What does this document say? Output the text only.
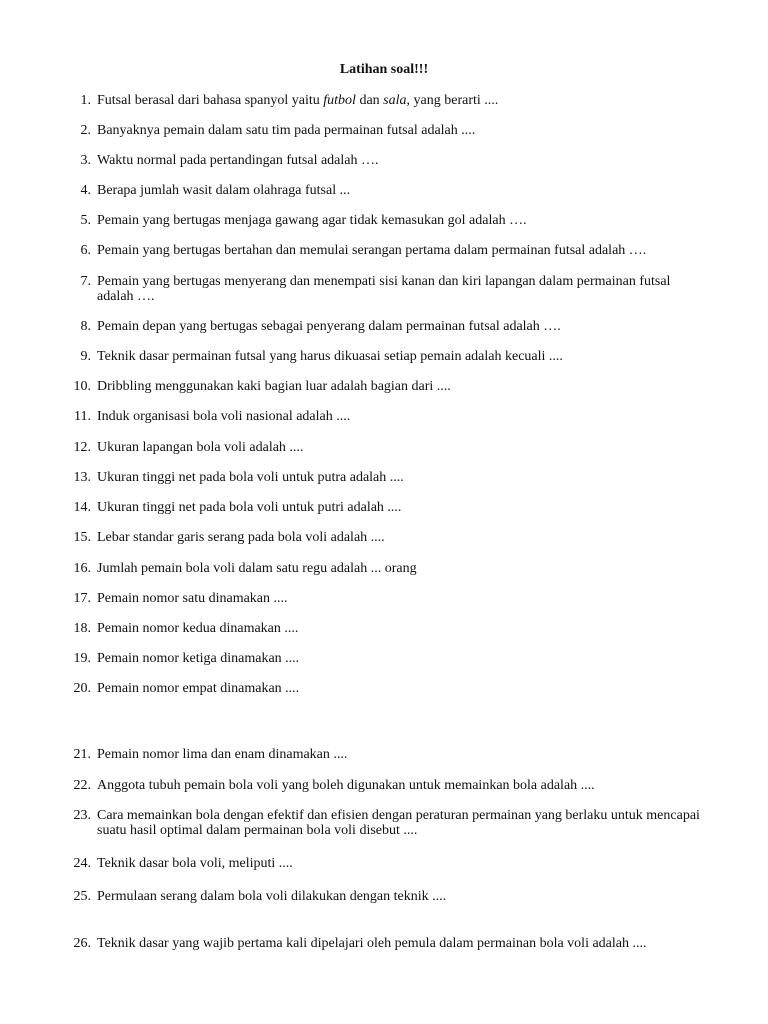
Latihan soal!!!
1. Futsal berasal dari bahasa spanyol yaitu futbol dan sala, yang berarti ....
2. Banyaknya pemain dalam satu tim pada permainan futsal adalah ....
3. Waktu normal pada pertandingan futsal adalah ….
4. Berapa jumlah wasit dalam olahraga futsal ...
5. Pemain yang bertugas menjaga gawang agar tidak kemasukan gol adalah ….
6. Pemain yang bertugas bertahan dan memulai serangan pertama dalam permainan futsal adalah ….
7. Pemain yang bertugas menyerang dan menempati sisi kanan dan kiri lapangan dalam permainan futsal adalah ….
8. Pemain depan yang bertugas sebagai penyerang dalam permainan futsal adalah ….
9. Teknik dasar permainan futsal yang harus dikuasai setiap pemain adalah kecuali ....
10. Dribbling menggunakan kaki bagian luar adalah bagian dari ....
11. Induk organisasi bola voli nasional adalah ....
12. Ukuran lapangan bola voli adalah ....
13. Ukuran tinggi net pada bola voli untuk putra adalah ....
14. Ukuran tinggi net pada bola voli untuk putri adalah ....
15. Lebar standar garis serang pada bola voli adalah ....
16. Jumlah pemain bola voli dalam satu regu adalah ... orang
17. Pemain nomor satu dinamakan ....
18. Pemain nomor kedua dinamakan ....
19. Pemain nomor ketiga dinamakan ....
20. Pemain nomor empat dinamakan ....
21. Pemain nomor lima dan enam dinamakan ....
22. Anggota tubuh pemain bola voli yang boleh digunakan untuk memainkan bola adalah ....
23. Cara memainkan bola dengan efektif dan efisien dengan peraturan permainan yang berlaku untuk mencapai suatu hasil optimal dalam permainan bola voli disebut ....
24. Teknik dasar bola voli, meliputi ....
25. Permulaan serang dalam bola voli dilakukan dengan teknik ....
26. Teknik dasar yang wajib pertama kali dipelajari oleh pemula dalam permainan bola voli adalah ....
